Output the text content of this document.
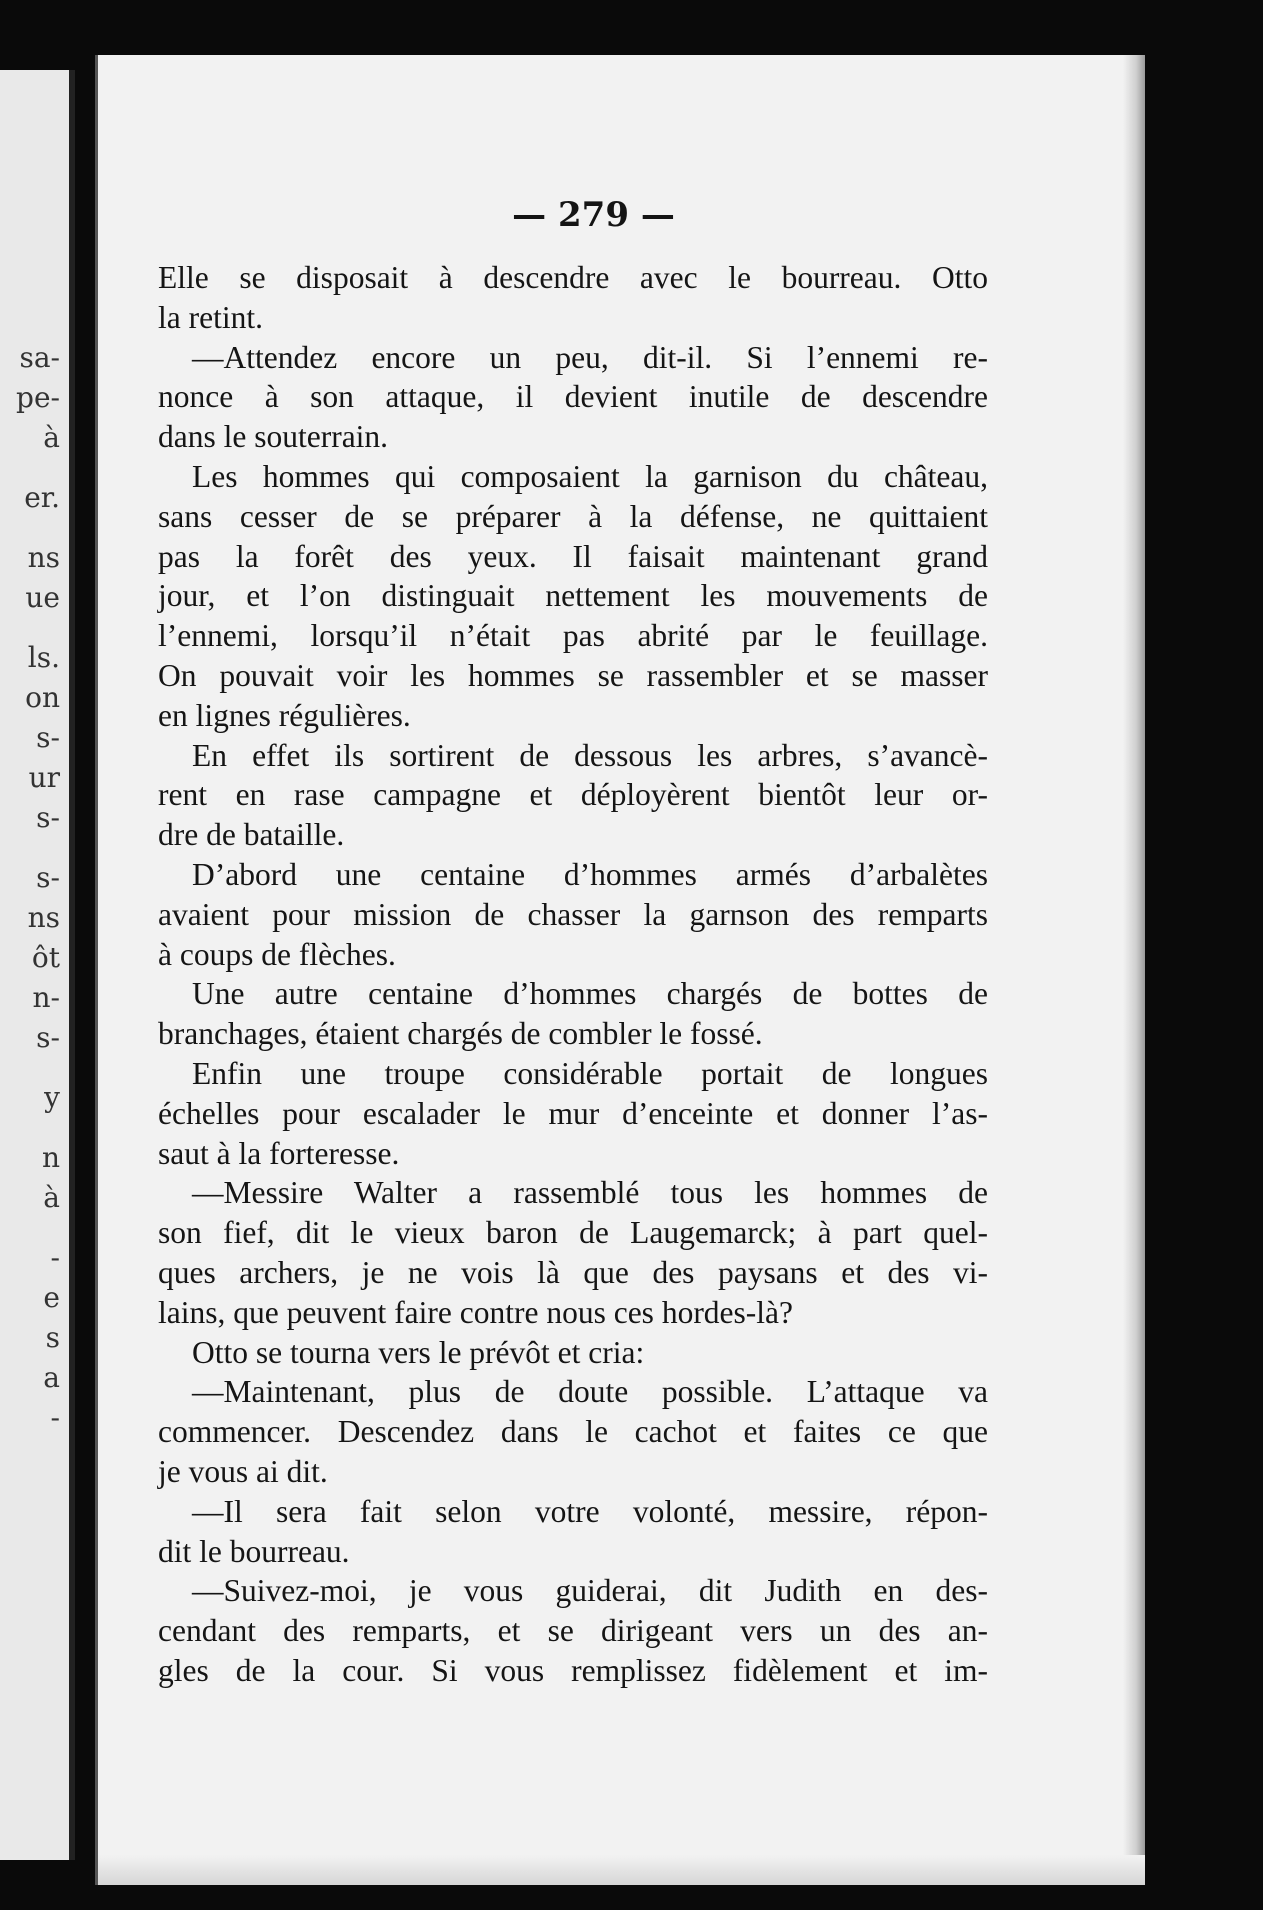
sa-
pe-
à
er.
ns
ue
ls.
on
s-
ur
s-
s-
ns
ôt
n-
s-
y
n
à
-
e
s
a
-
— 279 —
Elle se disposait à descendre avec le bourreau. Otto
la retint.
—Attendez encore un peu, dit-il. Si l’ennemi re-
nonce à son attaque, il devient inutile de descendre
dans le souterrain.
Les hommes qui composaient la garnison du château,
sans cesser de se préparer à la défense, ne quittaient
pas la forêt des yeux. Il faisait maintenant grand
jour, et l’on distinguait nettement les mouvements de
l’ennemi, lorsqu’il n’était pas abrité par le feuillage.
On pouvait voir les hommes se rassembler et se masser
en lignes régulières.
En effet ils sortirent de dessous les arbres, s’avancè-
rent en rase campagne et déployèrent bientôt leur or-
dre de bataille.
D’abord une centaine d’hommes armés d’arbalètes
avaient pour mission de chasser la garnson des remparts
à coups de flèches.
Une autre centaine d’hommes chargés de bottes de
branchages, étaient chargés de combler le fossé.
Enfin une troupe considérable portait de longues
échelles pour escalader le mur d’enceinte et donner l’as-
saut à la forteresse.
—Messire Walter a rassemblé tous les hommes de
son fief, dit le vieux baron de Laugemarck; à part quel-
ques archers, je ne vois là que des paysans et des vi-
lains, que peuvent faire contre nous ces hordes-là?
Otto se tourna vers le prévôt et cria:
—Maintenant, plus de doute possible. L’attaque va
commencer. Descendez dans le cachot et faites ce que
je vous ai dit.
—Il sera fait selon votre volonté, messire, répon-
dit le bourreau.
—Suivez-moi, je vous guiderai, dit Judith en des-
cendant des remparts, et se dirigeant vers un des an-
gles de la cour. Si vous remplissez fidèlement et im-
